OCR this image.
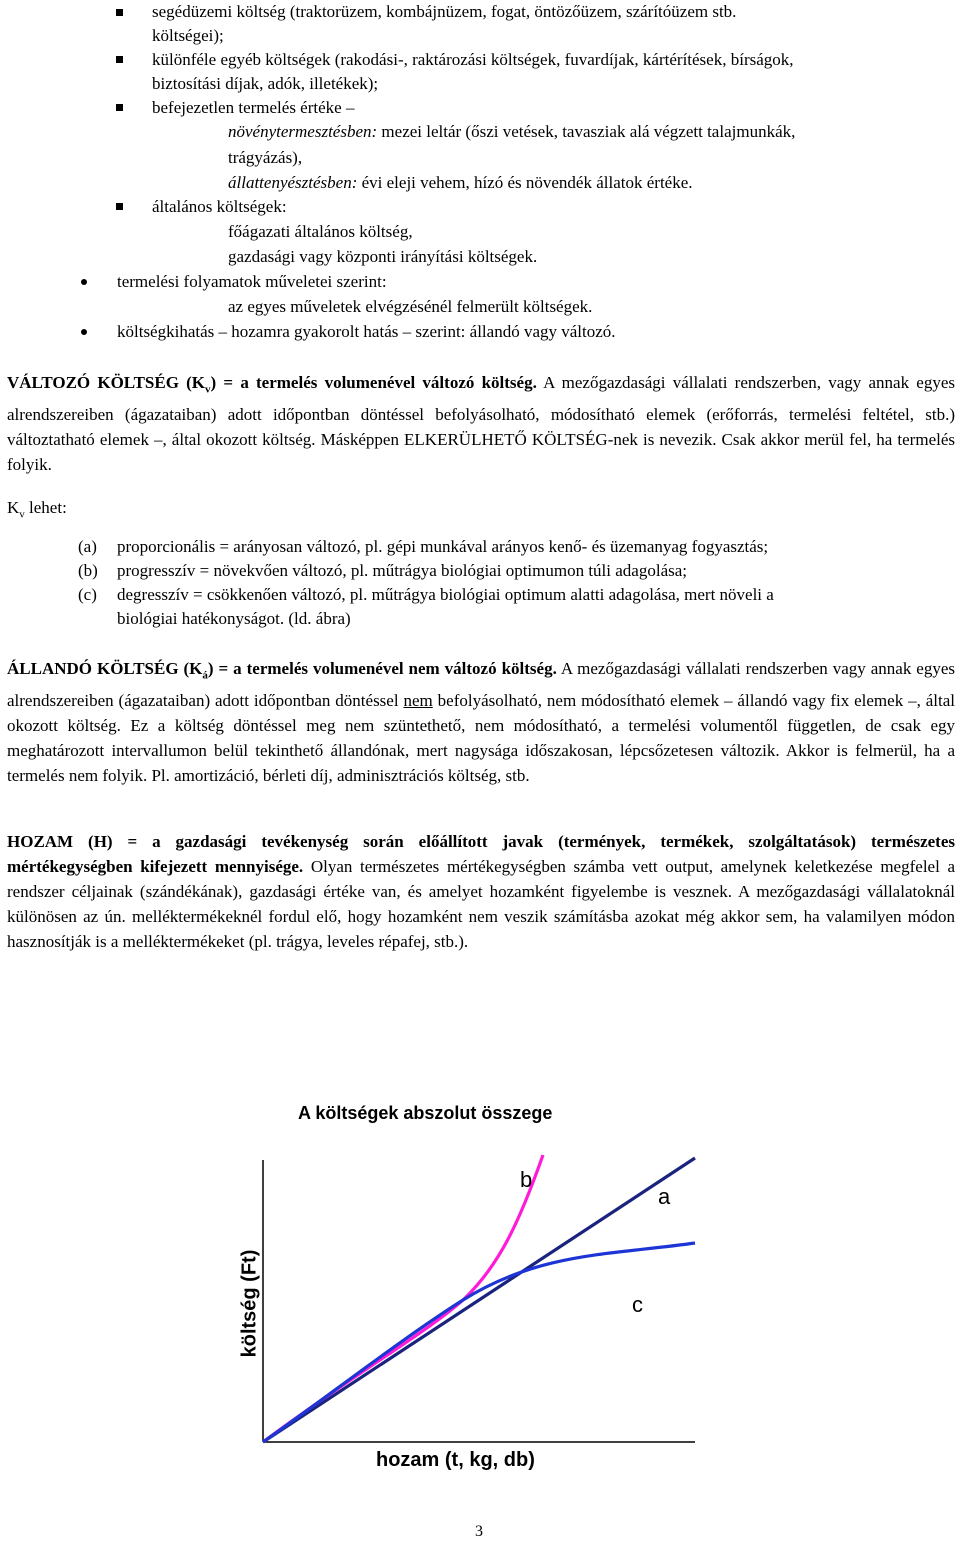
segédüzemi költség (traktorüzem, kombájnüzem, fogat, öntözőüzem, szárítóüzem stb.
költségei);
különféle egyéb költségek (rakodási-, raktározási költségek, fuvardíjak, kártérítések, bírságok,
biztosítási díjak, adók, illetékek);
befejezetlen termelés értéke –
növénytermesztésben: mezei leltár (őszi vetések, tavasziak alá végzett talajmunkák,
trágyázás),
állattenyésztésben: évi eleji vehem, hízó és növendék állatok értéke.
általános költségek:
főágazati általános költség,
gazdasági vagy központi irányítási költségek.
termelési folyamatok műveletei szerint:
az egyes műveletek elvégzésénél felmerült költségek.
költségkihatás – hozamra gyakorolt hatás – szerint: állandó vagy változó.
VÁLTOZÓ KÖLTSÉG $(K_v) = a$ termelés volumenével változó költség. A mezőgazdasági vállalati rendszerben, vagy annak egyes alrendszereiben (ágazataiban) adott időpontban döntéssel befolyásolható, módosítható elemek (erőforrás, termelési feltétel, stb.) változtatható elemek –, által okozott költség. Másképpen ELKERÜLHETŐ KÖLTSÉG-nek is nevezik. Csak akkor merül fel, ha termelés folyik.
$K_v$ lehet:
(a) proporcionális = arányosan változó, pl. gépi munkával arányos kenő- és üzemanyag fogyasztás;
(b) progresszív = növekvően változó, pl. műtrágya biológiai optimumon túli adagolása;
(c) degresszív = csökkenően változó, pl. műtrágya biológiai optimum alatti adagolása, mert növeli a
biológiai hatékonyságot. (ld. ábra)
ÁLLANDÓ KÖLTSÉG $(K_á) = a$ termelés volumenével nem változó költség. A mezőgazdasági vállalati rendszerben vagy annak egyes alrendszereiben (ágazataiban) adott időpontban döntéssel nem befolyásolható, nem módosítható elemek – állandó vagy fix elemek –, által okozott költség. Ez a költség döntéssel meg nem szüntethető, nem módosítható, a termelési volumentől független, de csak egy meghatározott intervallumon belül tekinthető állandónak, mert nagysága időszakosan, lépcsőzetesen változik. Akkor is felmerül, ha a termelés nem folyik. Pl. amortizáció, bérleti díj, adminisztrációs költség, stb.
HOZAM (H) = a gazdasági tevékenység során előállított javak (termények, termékek, szolgáltatások) természetes mértékegységben kifejezett mennyisége. Olyan természetes mértékegységben számba vett output, amelynek keletkezése megfelel a rendszer céljainak (szándékának), gazdasági értéke van, és amelyet hozamként figyelembe is vesznek. A mezőgazdasági vállalatoknál különösen az ún. melléktermékeknél fordul elő, hogy hozamként nem veszik számításba azokat még akkor sem, ha valamilyen módon hasznosítják is a melléktermékeket (pl. trágya, leveles répafej, stb.).
A költségek abszolut összege
költség (Ft)
hozam (t, kg, db)
b
a
c
3
